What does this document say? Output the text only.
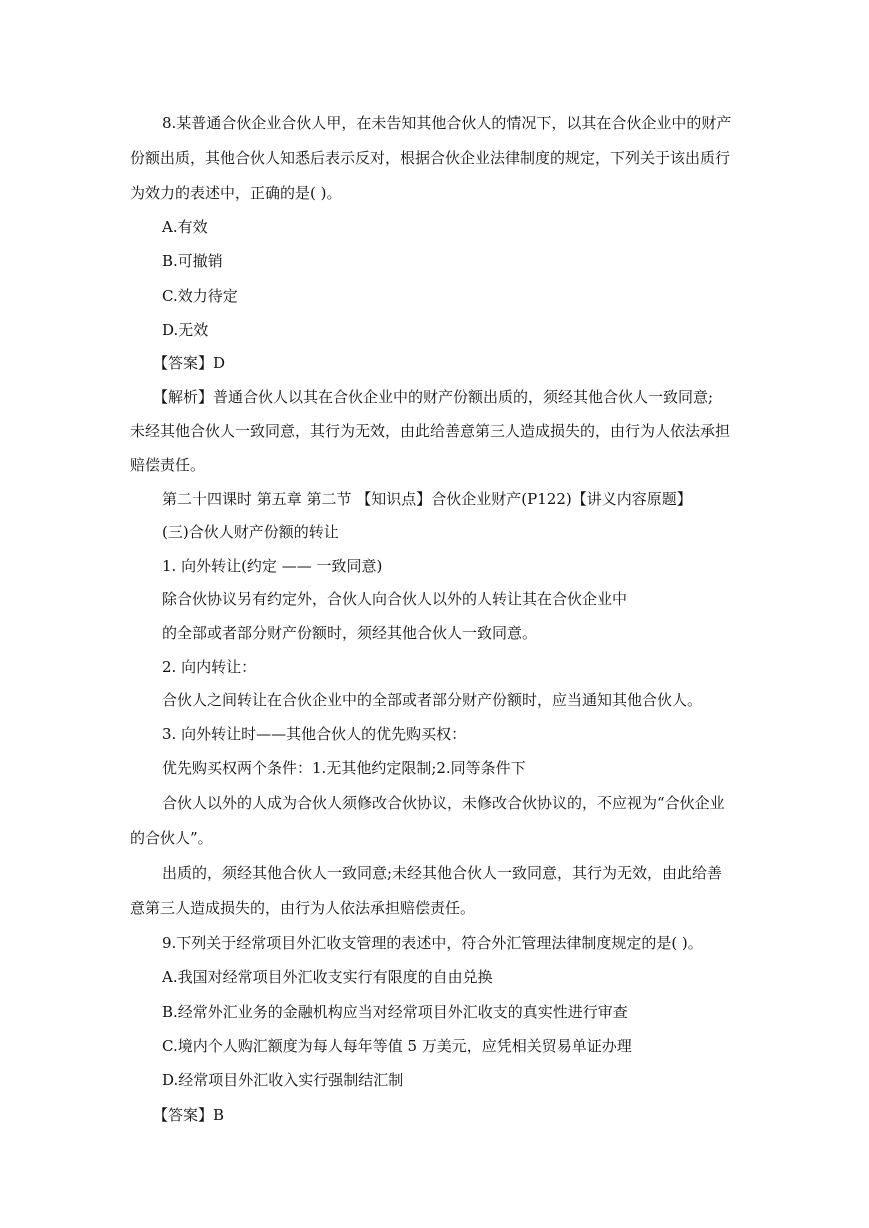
8.某普通合伙企业合伙人甲，在未告知其他合伙人的情况下，以其在合伙企业中的财产
份额出质，其他合伙人知悉后表示反对，根据合伙企业法律制度的规定，下列关于该出质行
为效力的表述中，正确的是( )。
A.有效
B.可撤销
C.效力待定
D.无效
【答案】D
【解析】普通合伙人以其在合伙企业中的财产份额出质的，须经其他合伙人一致同意;
未经其他合伙人一致同意，其行为无效，由此给善意第三人造成损失的，由行为人依法承担
赔偿责任。
第二十四课时 第五章 第二节 【知识点】合伙企业财产(P122)【讲义内容原题】
(三)合伙人财产份额的转让
1. 向外转让(约定 —— 一致同意)
除合伙协议另有约定外，合伙人向合伙人以外的人转让其在合伙企业中
的全部或者部分财产份额时，须经其他合伙人一致同意。
2. 向内转让：
合伙人之间转让在合伙企业中的全部或者部分财产份额时，应当通知其他合伙人。
3. 向外转让时——其他合伙人的优先购买权：
优先购买权两个条件：1.无其他约定限制;2.同等条件下
合伙人以外的人成为合伙人须修改合伙协议，未修改合伙协议的，不应视为“合伙企业
的合伙人”。
出质的，须经其他合伙人一致同意;未经其他合伙人一致同意，其行为无效，由此给善
意第三人造成损失的，由行为人依法承担赔偿责任。
9.下列关于经常项目外汇收支管理的表述中，符合外汇管理法律制度规定的是( )。
A.我国对经常项目外汇收支实行有限度的自由兑换
B.经常外汇业务的金融机构应当对经常项目外汇收支的真实性进行审查
C.境内个人购汇额度为每人每年等值 5 万美元，应凭相关贸易单证办理
D.经常项目外汇收入实行强制结汇制
【答案】B
